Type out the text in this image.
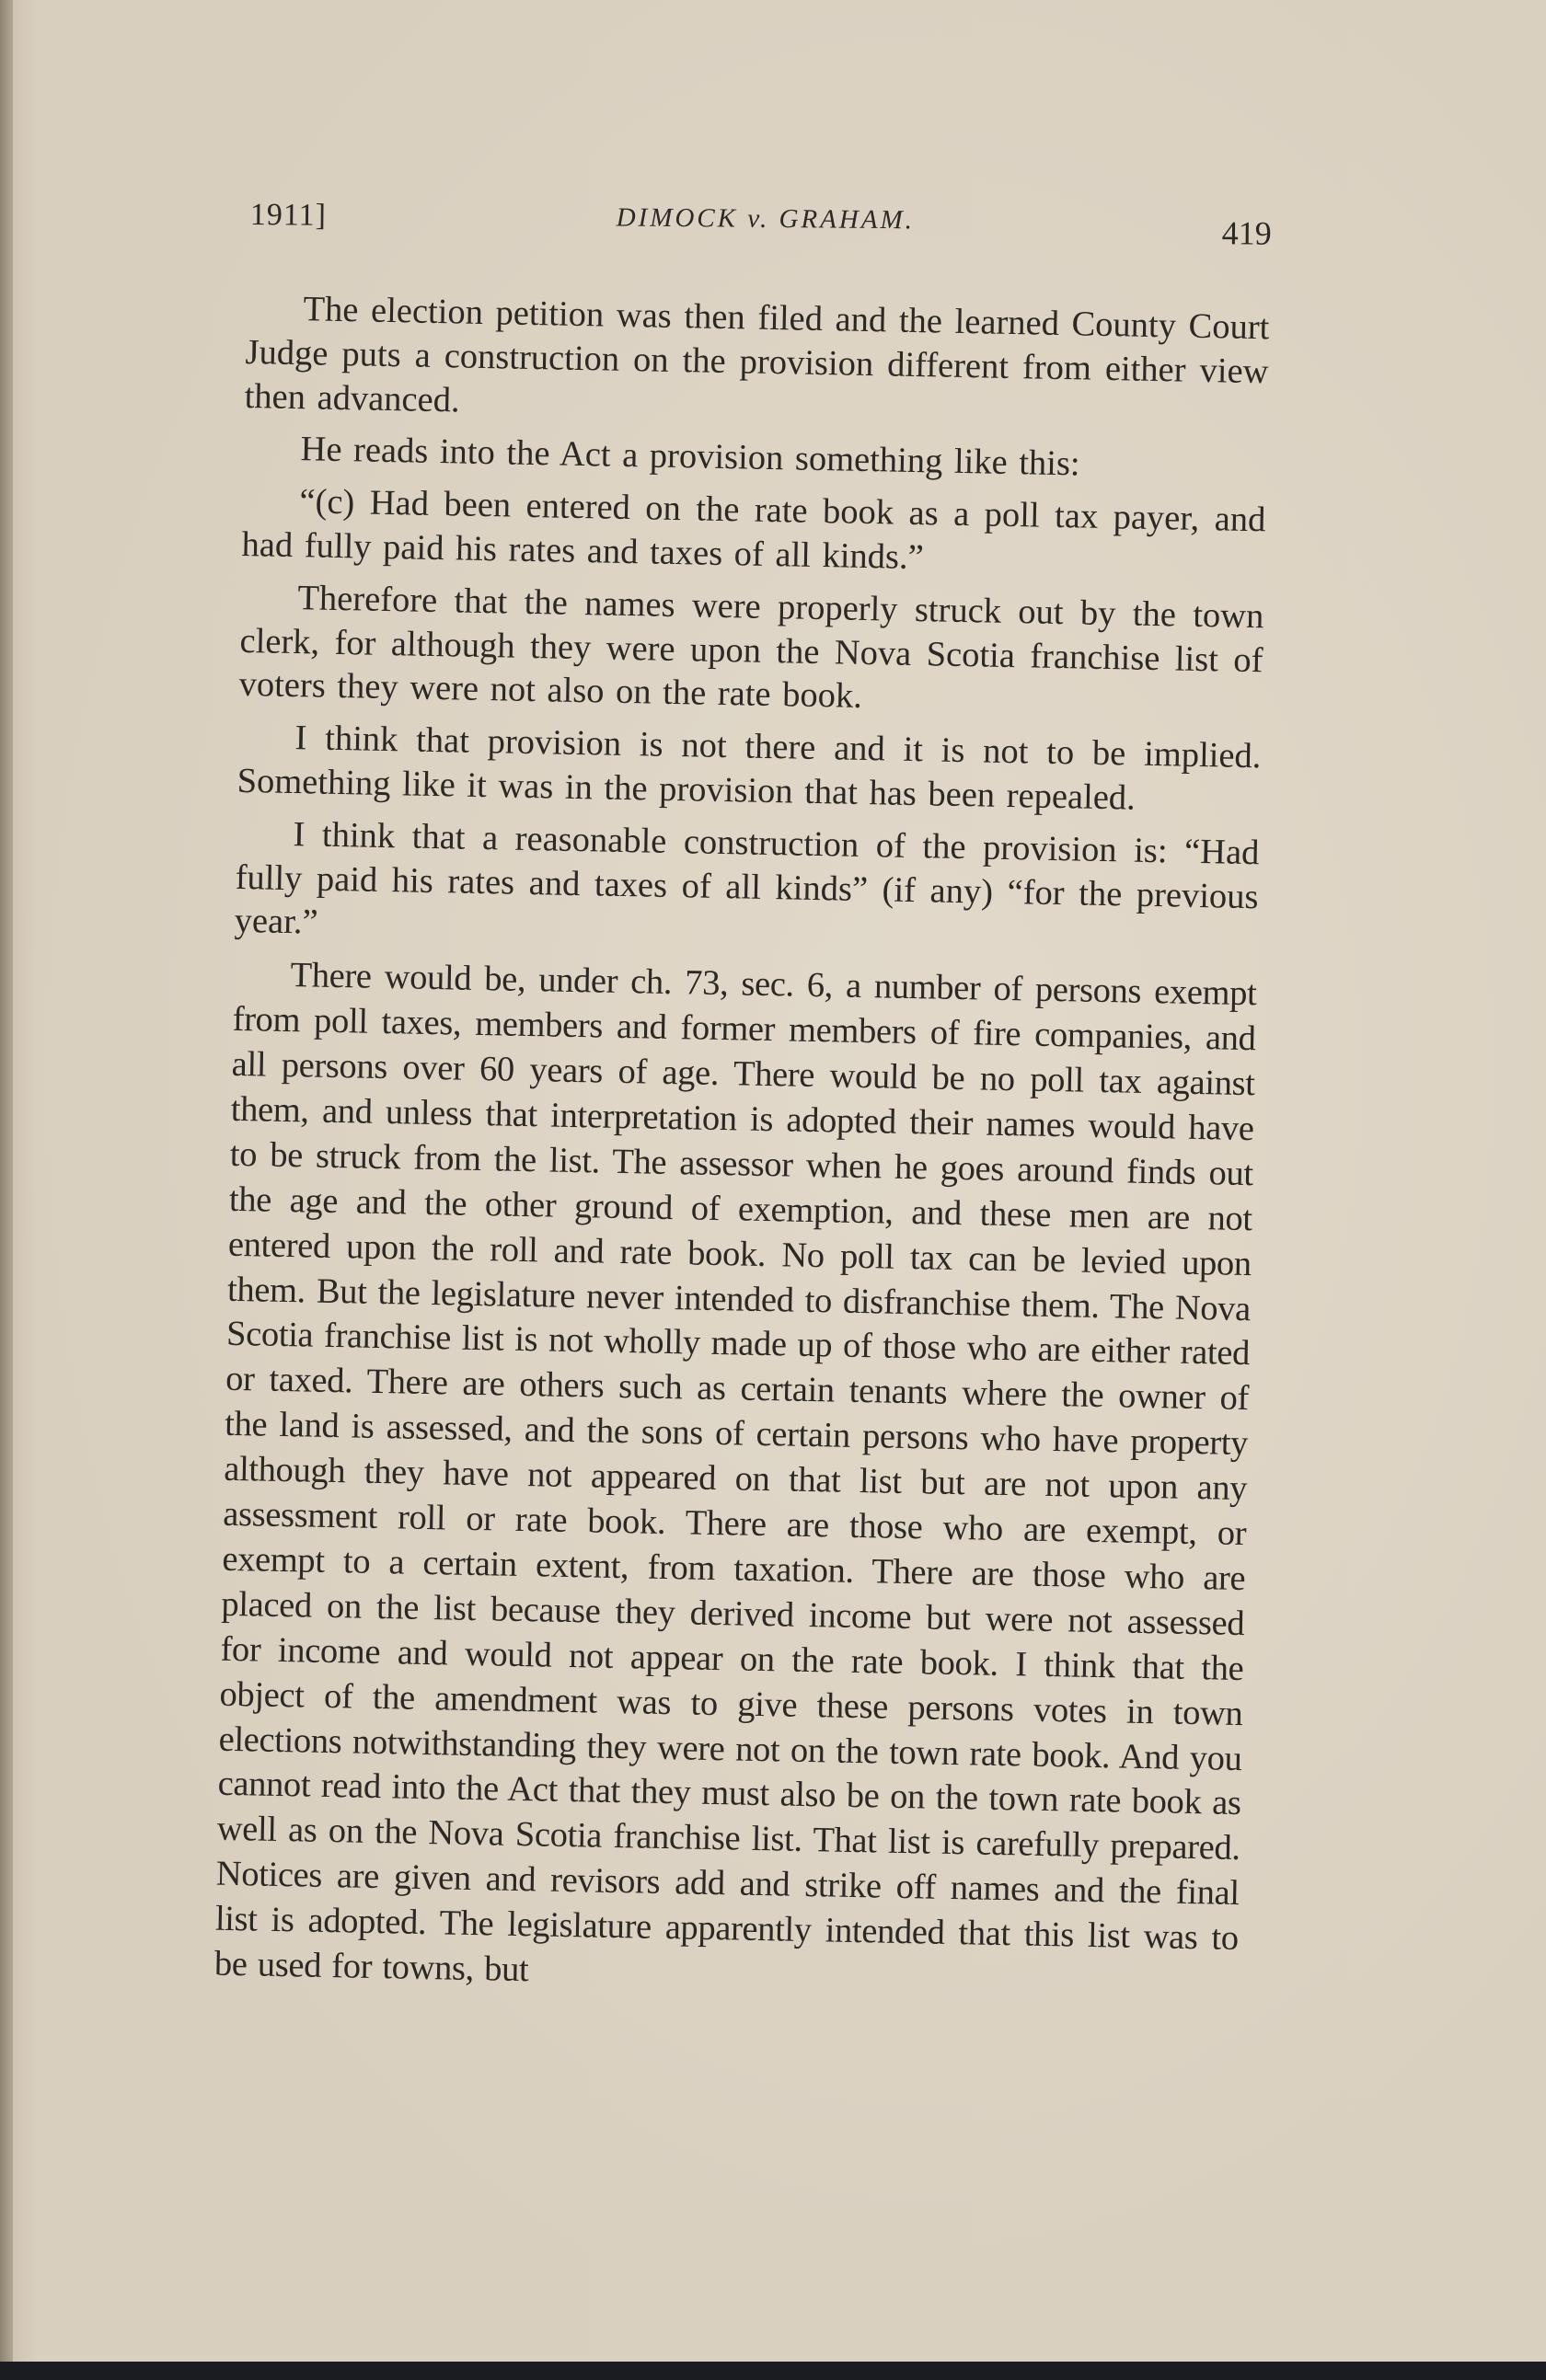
1911]	DIMOCK v. GRAHAM.	419

The election petition was then filed and the learned County Court Judge puts a construction on the provision different from either view then advanced.

He reads into the Act a provision something like this:

“(c) Had been entered on the rate book as a poll tax payer, and had fully paid his rates and taxes of all kinds.”

Therefore that the names were properly struck out by the town clerk, for although they were upon the Nova Scotia franchise list of voters they were not also on the rate book.

I think that provision is not there and it is not to be implied. Something like it was in the provision that has been repealed.

I think that a reasonable construction of the provision is: “Had fully paid his rates and taxes of all kinds” (if any) “for the previous year.”

There would be, under ch. 73, sec. 6, a number of persons exempt from poll taxes, members and former members of fire companies, and all persons over 60 years of age. There would be no poll tax against them, and unless that interpretation is adopted their names would have to be struck from the list. The assessor when he goes around finds out the age and the other ground of exemption, and these men are not entered upon the roll and rate book. No poll tax can be levied upon them. But the legislature never intended to disfranchise them. The Nova Scotia franchise list is not wholly made up of those who are either rated or taxed. There are others such as certain tenants where the owner of the land is assessed, and the sons of certain persons who have property although they have not appeared on that list but are not upon any assessment roll or rate book. There are those who are exempt, or exempt to a certain extent, from taxation. There are those who are placed on the list because they derived income but were not assessed for income and would not appear on the rate book. I think that the object of the amendment was to give these persons votes in town elections notwithstanding they were not on the town rate book. And you cannot read into the Act that they must also be on the town rate book as well as on the Nova Scotia franchise list. That list is carefully prepared. Notices are given and revisors add and strike off names and the final list is adopted. The legislature apparently intended that this list was to be used for towns, but
